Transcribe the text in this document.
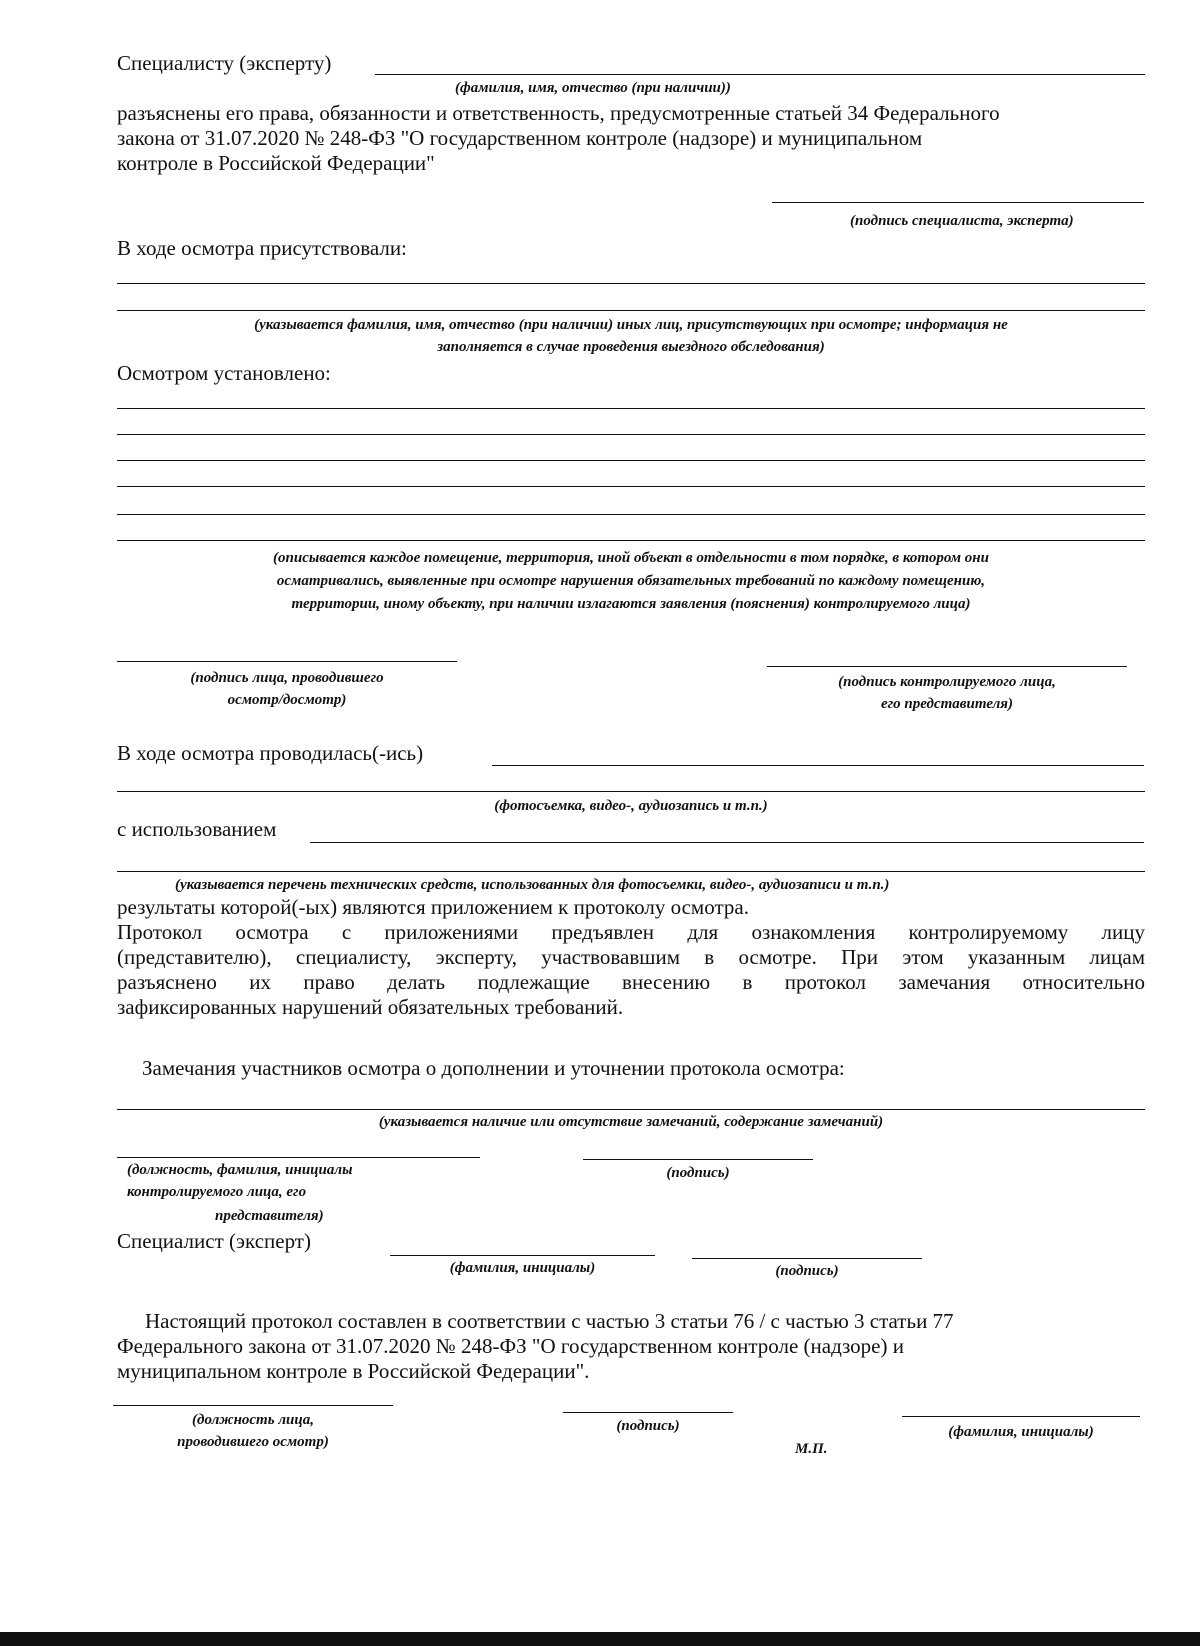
Специалисту (эксперту)
(фамилия, имя, отчество (при наличии))
разъяснены его права, обязанности и ответственность, предусмотренные статьей 34 Федерального
закона от 31.07.2020 № 248-ФЗ "О государственном контроле (надзоре) и муниципальном
контроле в Российской Федерации"
(подпись специалиста, эксперта)
В ходе осмотра присутствовали:
(указывается фамилия, имя, отчество (при наличии) иных лиц, присутствующих при осмотре; информация не
заполняется в случае проведения выездного обследования)
Осмотром установлено:
(описывается каждое помещение, территория, иной объект в отдельности в том порядке, в котором они
осматривались, выявленные при осмотре нарушения обязательных требований по каждому помещению,
территории, иному объекту, при наличии излагаются заявления (пояснения) контролируемого лица)
(подпись лица, проводившего
осмотр/досмотр)
(подпись контролируемого лица,
его представителя)
В ходе осмотра проводилась(-ись)
(фотосъемка, видео-, аудиозапись и т.п.)
с использованием
(указывается перечень технических средств, использованных для фотосъемки, видео-, аудиозаписи и т.п.)
результаты которой(-ых) являются приложением к протоколу осмотра.
Протокол осмотра с приложениями предъявлен для ознакомления контролируемому лицу
(представителю), специалисту, эксперту, участвовавшим в осмотре. При этом указанным лицам
разъяснено их право делать подлежащие внесению в протокол замечания относительно
зафиксированных нарушений обязательных требований.
Замечания участников осмотра о дополнении и уточнении протокола осмотра:
(указывается наличие или отсутствие замечаний, содержание замечаний)
(должность, фамилия, инициалы
контролируемого лица, его
представителя)
(подпись)
Специалист (эксперт)
(фамилия, инициалы)	(подпись)
Настоящий протокол составлен в соответствии с частью 3 статьи 76 / с частью 3 статьи 77
Федерального закона от 31.07.2020 № 248-ФЗ "О государственном контроле (надзоре) и
муниципальном контроле в Российской Федерации".
(должность лица,
проводившего осмотр)
(подпись)
М.П.
(фамилия, инициалы)
